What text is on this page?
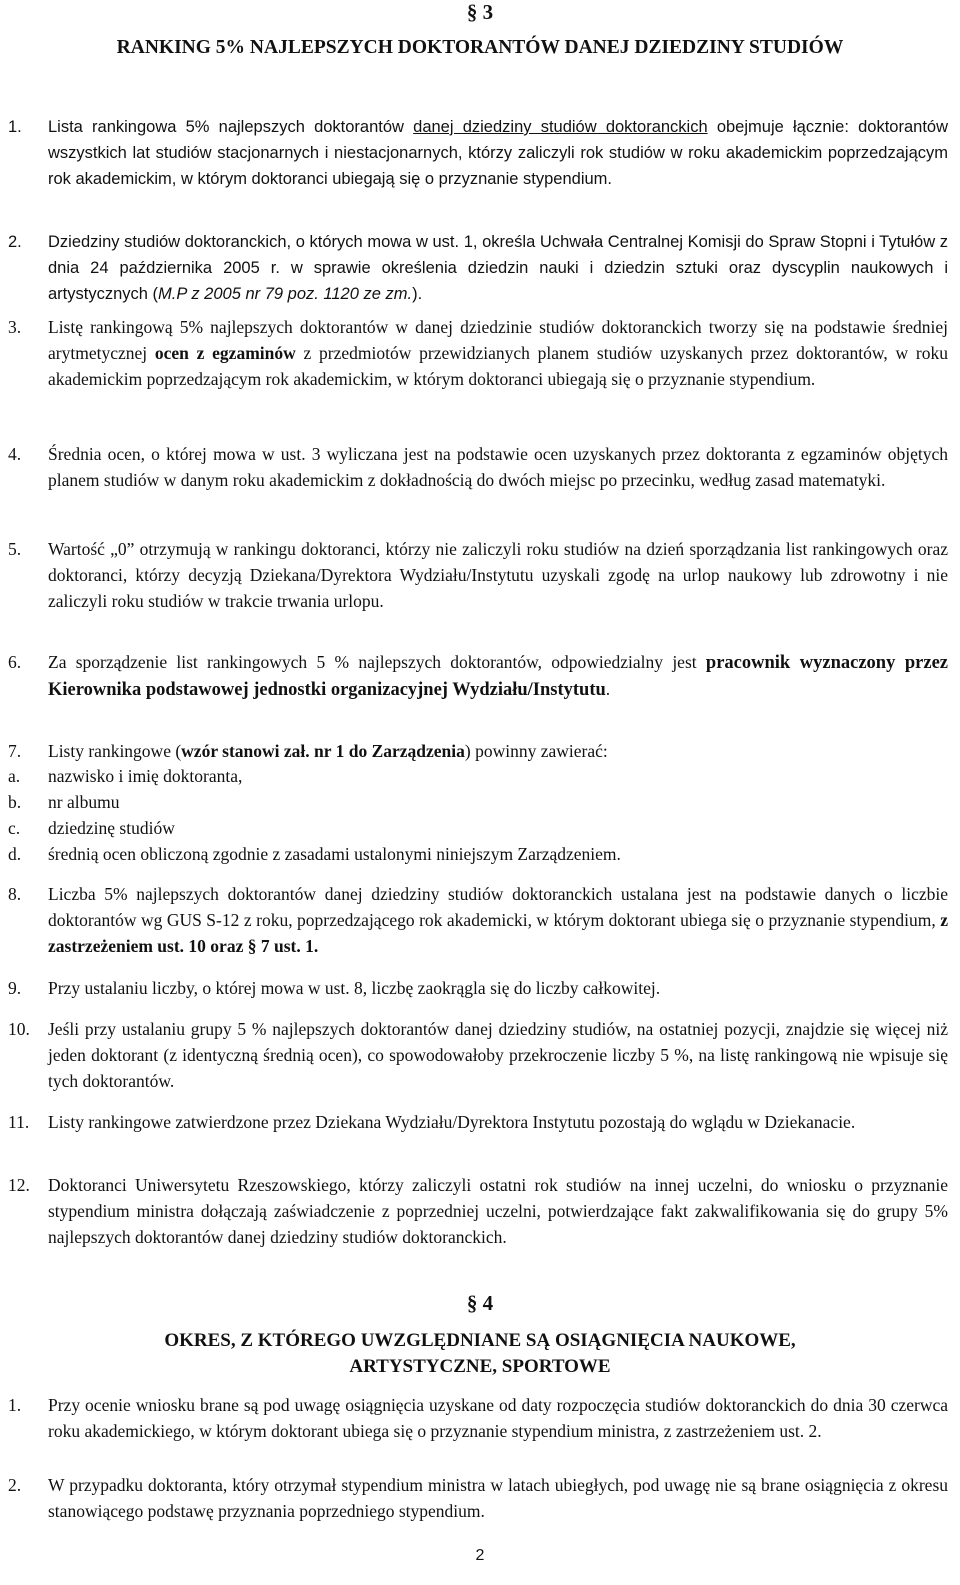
§ 3
RANKING 5% NAJLEPSZYCH DOKTORANTÓW DANEJ DZIEDZINY STUDIÓW
1. Lista rankingowa 5% najlepszych doktorantów danej dziedziny studiów doktoranckich obejmuje łącznie: doktorantów wszystkich lat studiów stacjonarnych i niestacjonarnych, którzy zaliczyli rok studiów w roku akademickim poprzedzającym rok akademickim, w którym doktoranci ubiegają się o przyznanie stypendium.
2. Dziedziny studiów doktoranckich, o których mowa w ust. 1, określa Uchwała Centralnej Komisji do Spraw Stopni i Tytułów z dnia 24 października 2005 r. w sprawie określenia dziedzin nauki i dziedzin sztuki oraz dyscyplin naukowych i artystycznych (M.P z 2005 nr 79 poz. 1120 ze zm.).
3. Listę rankingową 5% najlepszych doktorantów w danej dziedzinie studiów doktoranckich tworzy się na podstawie średniej arytmetycznej ocen z egzaminów z przedmiotów przewidzianych planem studiów uzyskanych przez doktorantów, w roku akademickim poprzedzającym rok akademickim, w którym doktoranci ubiegają się o przyznanie stypendium.
4. Średnia ocen, o której mowa w ust. 3 wyliczana jest na podstawie ocen uzyskanych przez doktoranta z egzaminów objętych planem studiów w danym roku akademickim z dokładnością do dwóch miejsc po przecinku, według zasad matematyki.
5. Wartość „0” otrzymują w rankingu doktoranci, którzy nie zaliczyli roku studiów na dzień sporządzania list rankingowych oraz doktoranci, którzy decyzją Dziekana/Dyrektora Wydziału/Instytutu uzyskali zgodę na urlop naukowy lub zdrowotny i nie zaliczyli roku studiów w trakcie trwania urlopu.
6. Za sporządzenie list rankingowych 5 % najlepszych doktorantów, odpowiedzialny jest pracownik wyznaczony przez Kierownika podstawowej jednostki organizacyjnej Wydziału/Instytutu.
7. Listy rankingowe (wzór stanowi zał. nr 1 do Zarządzenia) powinny zawierać:
a. nazwisko i imię doktoranta,
b. nr albumu
c. dziedzinę studiów
d. średnią ocen obliczoną zgodnie z zasadami ustalonymi niniejszym Zarządzeniem.
8. Liczba 5% najlepszych doktorantów danej dziedziny studiów doktoranckich ustalana jest na podstawie danych o liczbie doktorantów wg GUS S-12 z roku, poprzedzającego rok akademicki, w którym doktorant ubiega się o przyznanie stypendium, z zastrzeżeniem ust. 10 oraz § 7 ust. 1.
9. Przy ustalaniu liczby, o której mowa w ust. 8, liczbę zaokrągla się do liczby całkowitej.
10. Jeśli przy ustalaniu grupy 5 % najlepszych doktorantów danej dziedziny studiów, na ostatniej pozycji, znajdzie się więcej niż jeden doktorant (z identyczną średnią ocen), co spowodowałoby przekroczenie liczby 5 %, na listę rankingową nie wpisuje się tych doktorantów.
11. Listy rankingowe zatwierdzone przez Dziekana Wydziału/Dyrektora Instytutu pozostają do wglądu w Dziekanacie.
12. Doktoranci Uniwersytetu Rzeszowskiego, którzy zaliczyli ostatni rok studiów na innej uczelni, do wniosku o przyznanie stypendium ministra dołączają zaświadczenie z poprzedniej uczelni, potwierdzające fakt zakwalifikowania się do grupy 5% najlepszych doktorantów danej dziedziny studiów doktoranckich.
§ 4
OKRES, Z KTÓREGO UWZGLĘDNIANE SĄ OSIĄGNIĘCIA NAUKOWE,
ARTYSTYCZNE, SPORTOWE
1. Przy ocenie wniosku brane są pod uwagę osiągnięcia uzyskane od daty rozpoczęcia studiów doktoranckich do dnia 30 czerwca roku akademickiego, w którym doktorant ubiega się o przyznanie stypendium ministra, z zastrzeżeniem ust. 2.
2. W przypadku doktoranta, który otrzymał stypendium ministra w latach ubiegłych, pod uwagę nie są brane osiągnięcia z okresu stanowiącego podstawę przyznania poprzedniego stypendium.
2
